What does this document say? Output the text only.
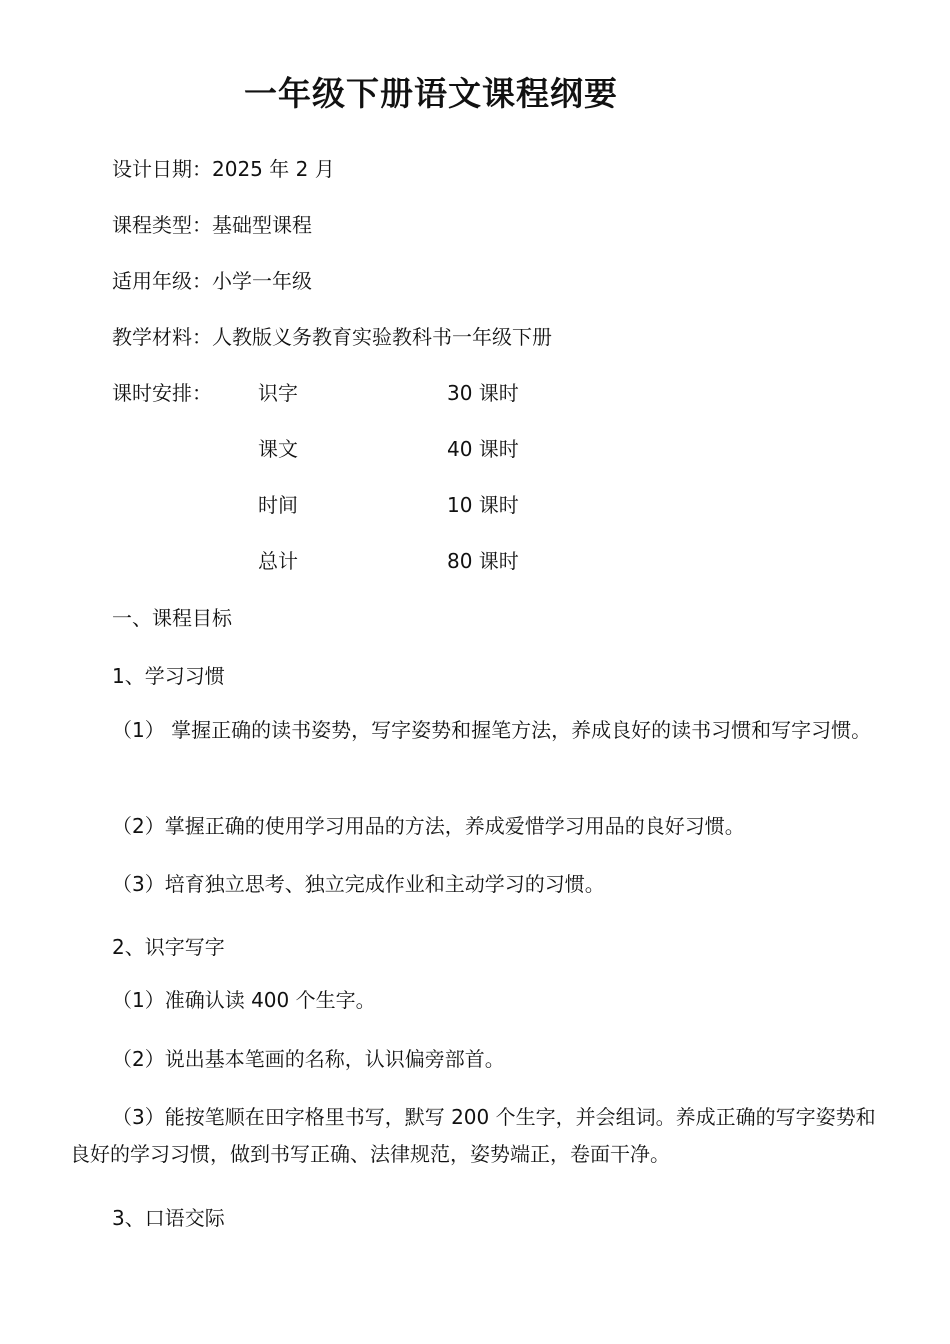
一年级下册语文课程纲要

设计日期：2025 年 2 月

课程类型：基础型课程

适用年级：小学一年级

教学材料：人教版义务教育实验教科书一年级下册

课时安排： 识字	30 课时
课文	40 课时
时间	10 课时
总计	80 课时

一、课程目标

1、学习习惯

（1） 掌握正确的读书姿势，写字姿势和握笔方法，养成良好的读书习惯和写字习惯。

（2）掌握正确的使用学习用品的方法，养成爱惜学习用品的良好习惯。

（3）培育独立思考、独立完成作业和主动学习的习惯。

2、识字写字

（1）准确认读 400 个生字。

（2）说出基本笔画的名称，认识偏旁部首。

（3）能按笔顺在田字格里书写，默写 200 个生字，并会组词。养成正确的写字姿势和良好的学习习惯，做到书写正确、法律规范，姿势端正，卷面干净。

3、口语交际
